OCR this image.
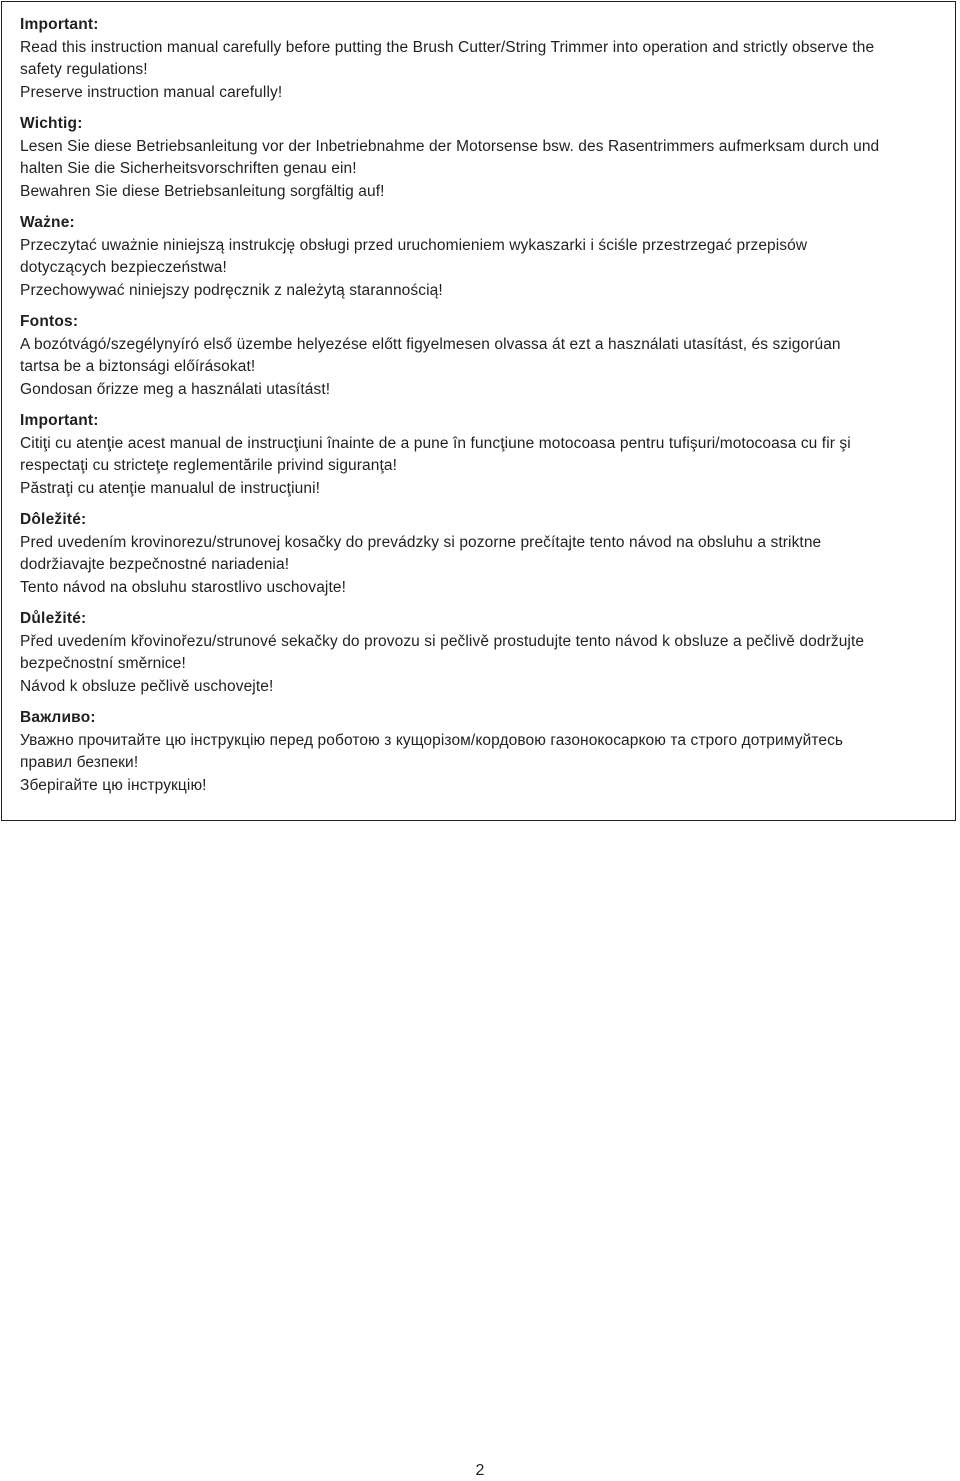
Important:
Read this instruction manual carefully before putting the Brush Cutter/String Trimmer into operation and strictly observe the
safety regulations!
Preserve instruction manual carefully!
Wichtig:
Lesen Sie diese Betriebsanleitung vor der Inbetriebnahme der Motorsense bsw. des Rasentrimmers aufmerksam durch und
halten Sie die Sicherheitsvorschriften genau ein!
Bewahren Sie diese Betriebsanleitung sorgfältig auf!
Ważne:
Przeczytać uważnie niniejszą instrukcję obsługi przed uruchomieniem wykaszarki i ściśle przestrzegać przepisów
dotyczących bezpieczeństwa!
Przechowywać niniejszy podręcznik z należytą starannością!
Fontos:
A bozótvágó/szegélynyíró első üzembe helyezése előtt figyelmesen olvassa át ezt a használati utasítást, és szigorúan
tartsa be a biztonsági előírásokat!
Gondosan őrizze meg a használati utasítást!
Important:
Citiţi cu atenţie acest manual de instrucţiuni înainte de a pune în funcţiune motocoasa pentru tufişuri/motocoasa cu fir şi
respectaţi cu stricteţe reglementările privind siguranţa!
Păstraţi cu atenţie manualul de instrucţiuni!
Dôležité:
Pred uvedením krovinorezu/strunovej kosačky do prevádzky si pozorne prečítajte tento návod na obsluhu a striktne
dodržiavajte bezpečnostné nariadenia!
Tento návod na obsluhu starostlivo uschovajte!
Důležité:
Před uvedením křovinořezu/strunové sekačky do provozu si pečlivě prostudujte tento návod k obsluze a pečlivě dodržujte
bezpečnostní směrnice!
Návod k obsluze pečlivě uschovejte!
Важливо:
Уважно прочитайте цю інструкцію перед роботою з кущорізом/кордовою газонокосаркою та строго дотримуйтесь
правил безпеки!
Зберігайте цю інструкцію!
2
